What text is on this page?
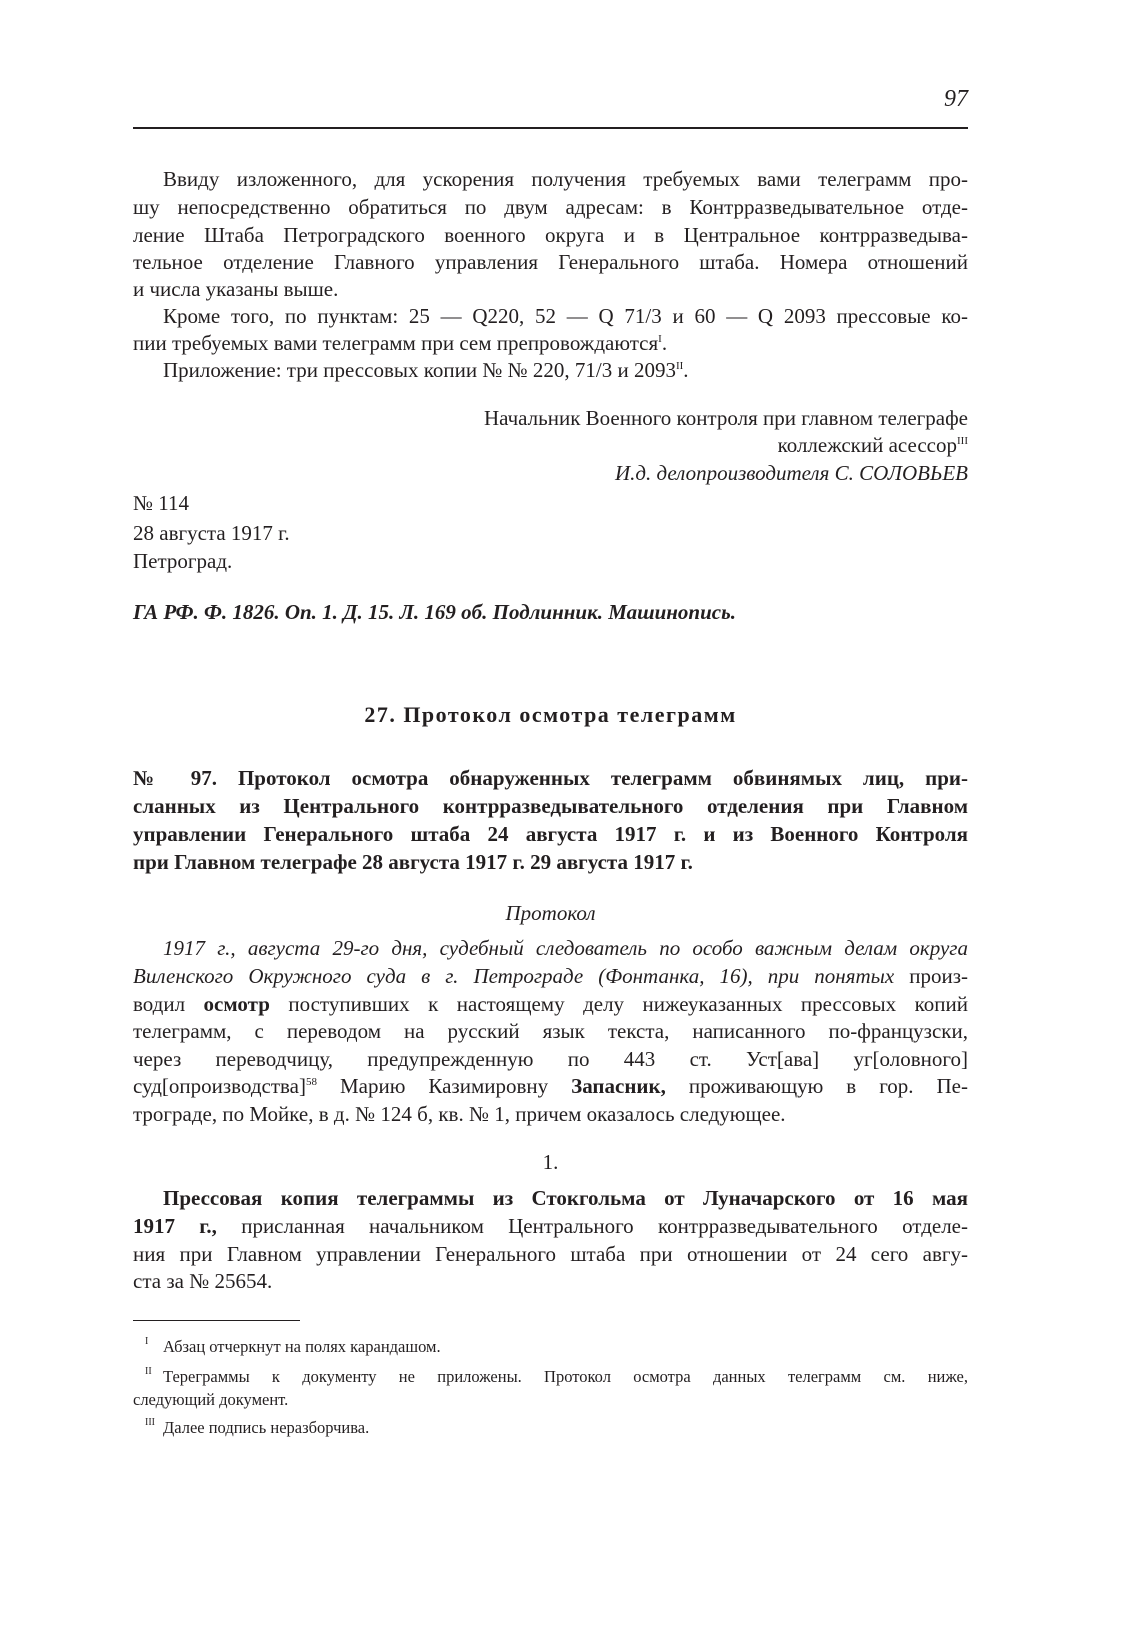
97
Ввиду изложенного, для ускорения получения требуемых вами телеграмм про-
шу непосредственно обратиться по двум адресам: в Контрразведывательное отде-
ление Штаба Петроградского военного округа и в Центральное контрразведыва-
тельное отделение Главного управления Генерального штаба. Номера отношений
и числа указаны выше.
Кроме того, по пунктам: 25 — Q220, 52 — Q 71/3 и 60 — Q 2093 прессовые ко-
пии требуемых вами телеграмм при сем препровождаются$^I$.
Приложение: три прессовых копии № № 220, 71/3 и $2093^{II}$.
Начальник Военного контроля при главном телеграфе
коллежский асессор$^{III}$
И.д. делопроизводителя С. СОЛОВЬЕВ
№ 114
28 августа 1917 г.
Петроград.
ГА РФ. Ф. 1826. Оп. 1. Д. 15. Л. 169 об. Подлинник. Машинопись.
27. Протокол осмотра телеграмм
№ 97. Протокол осмотра обнаруженных телеграмм обвинямых лиц, при-
сланных из Центрального контрразведывательного отделения при Главном
управлении Генерального штаба 24 августа 1917 г. и из Военного Контроля
при Главном телеграфе 28 августа 1917 г. 29 августа 1917 г.
Протокол
1917 г., августа 29-го дня, судебный следователь по особо важным делам округа
Виленского Окружного суда в г. Петрограде (Фонтанка, 16), при понятых произ-
водил осмотр поступивших к настоящему делу нижеуказанных прессовых копий
телеграмм, с переводом на русский язык текста, написанного по-французски,
через переводчицу, предупрежденную по 443 ст. Уст[ава] уг[оловного]
суд[опроизводства]$^{58}$ Марию Казимировну Запасник, проживающую в гор. Пе-
трограде, по Мойке, в д. № 124 б, кв. № 1, причем оказалось следующее.
1.
Прессовая копия телеграммы из Стокгольма от Луначарского от 16 мая
1917 г., присланная начальником Центрального контрразведывательного отделе-
ния при Главном управлении Генерального штаба при отношении от 24 сего авгу-
ста за № 25654.
I Абзац отчеркнут на полях карандашом.
II Тереграммы к документу не приложены. Протокол осмотра данных телеграмм см. ниже,
следующий документ.
III Далее подпись неразборчива.
